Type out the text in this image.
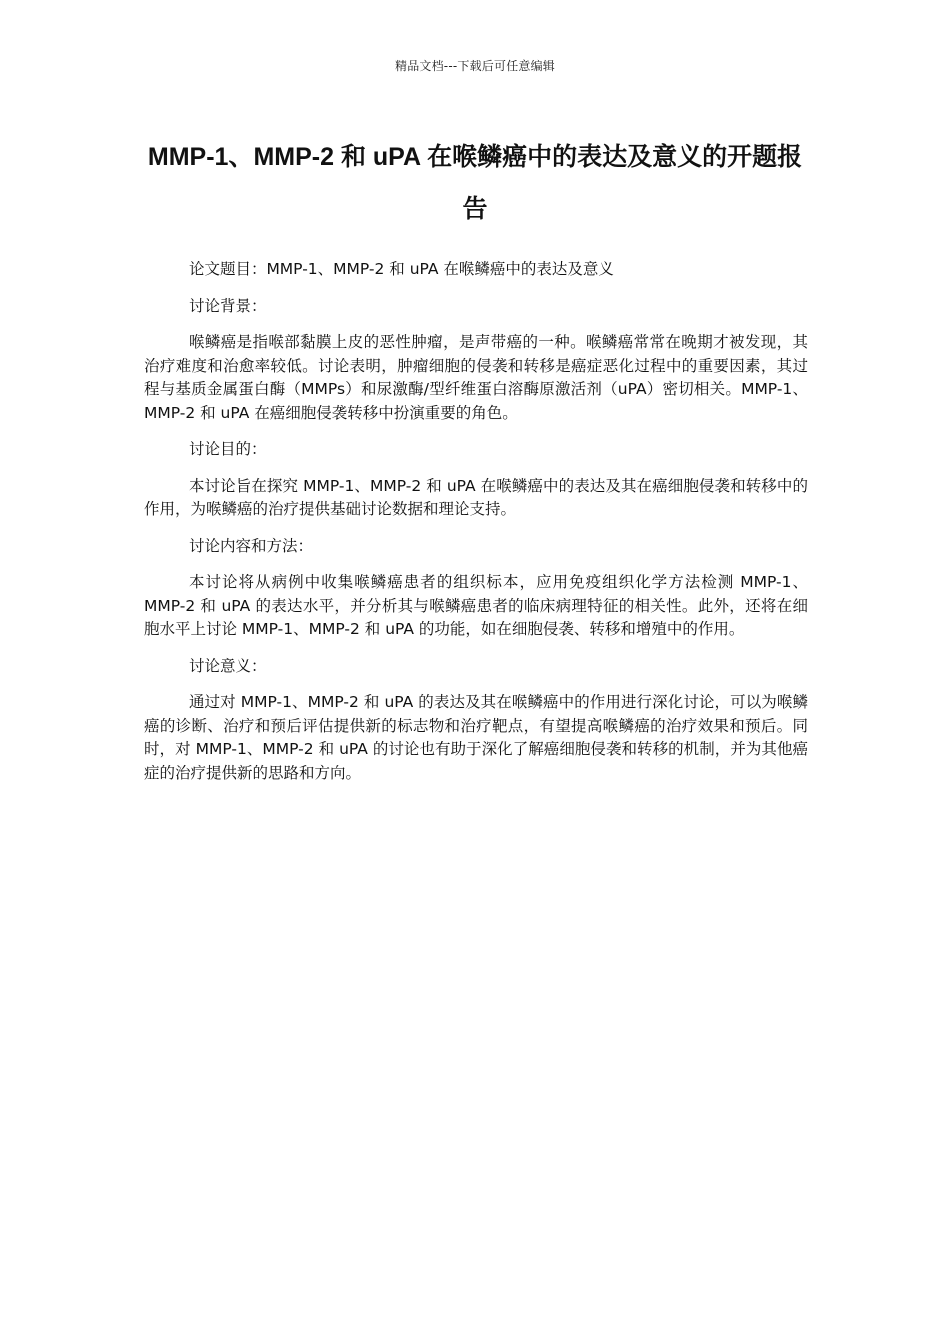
精品文档---下载后可任意编辑
MMP-1、MMP-2 和 uPA 在喉鳞癌中的表达及意义的开题报告

论文题目：MMP-1、MMP-2 和 uPA 在喉鳞癌中的表达及意义

讨论背景：

喉鳞癌是指喉部黏膜上皮的恶性肿瘤，是声带癌的一种。喉鳞癌常常在晚期才被发现，其治疗难度和治愈率较低。讨论表明，肿瘤细胞的侵袭和转移是癌症恶化过程中的重要因素，其过程与基质金属蛋白酶（MMPs）和尿激酶/型纤维蛋白溶酶原激活剂（uPA）密切相关。MMP-1、MMP-2 和 uPA 在癌细胞侵袭转移中扮演重要的角色。

讨论目的：

本讨论旨在探究 MMP-1、MMP-2 和 uPA 在喉鳞癌中的表达及其在癌细胞侵袭和转移中的作用，为喉鳞癌的治疗提供基础讨论数据和理论支持。

讨论内容和方法：

本讨论将从病例中收集喉鳞癌患者的组织标本，应用免疫组织化学方法检测 MMP-1、MMP-2 和 uPA 的表达水平，并分析其与喉鳞癌患者的临床病理特征的相关性。此外，还将在细胞水平上讨论 MMP-1、MMP-2 和 uPA 的功能，如在细胞侵袭、转移和增殖中的作用。

讨论意义：

通过对 MMP-1、MMP-2 和 uPA 的表达及其在喉鳞癌中的作用进行深化讨论，可以为喉鳞癌的诊断、治疗和预后评估提供新的标志物和治疗靶点，有望提高喉鳞癌的治疗效果和预后。同时，对 MMP-1、MMP-2 和 uPA 的讨论也有助于深化了解癌细胞侵袭和转移的机制，并为其他癌症的治疗提供新的思路和方向。
